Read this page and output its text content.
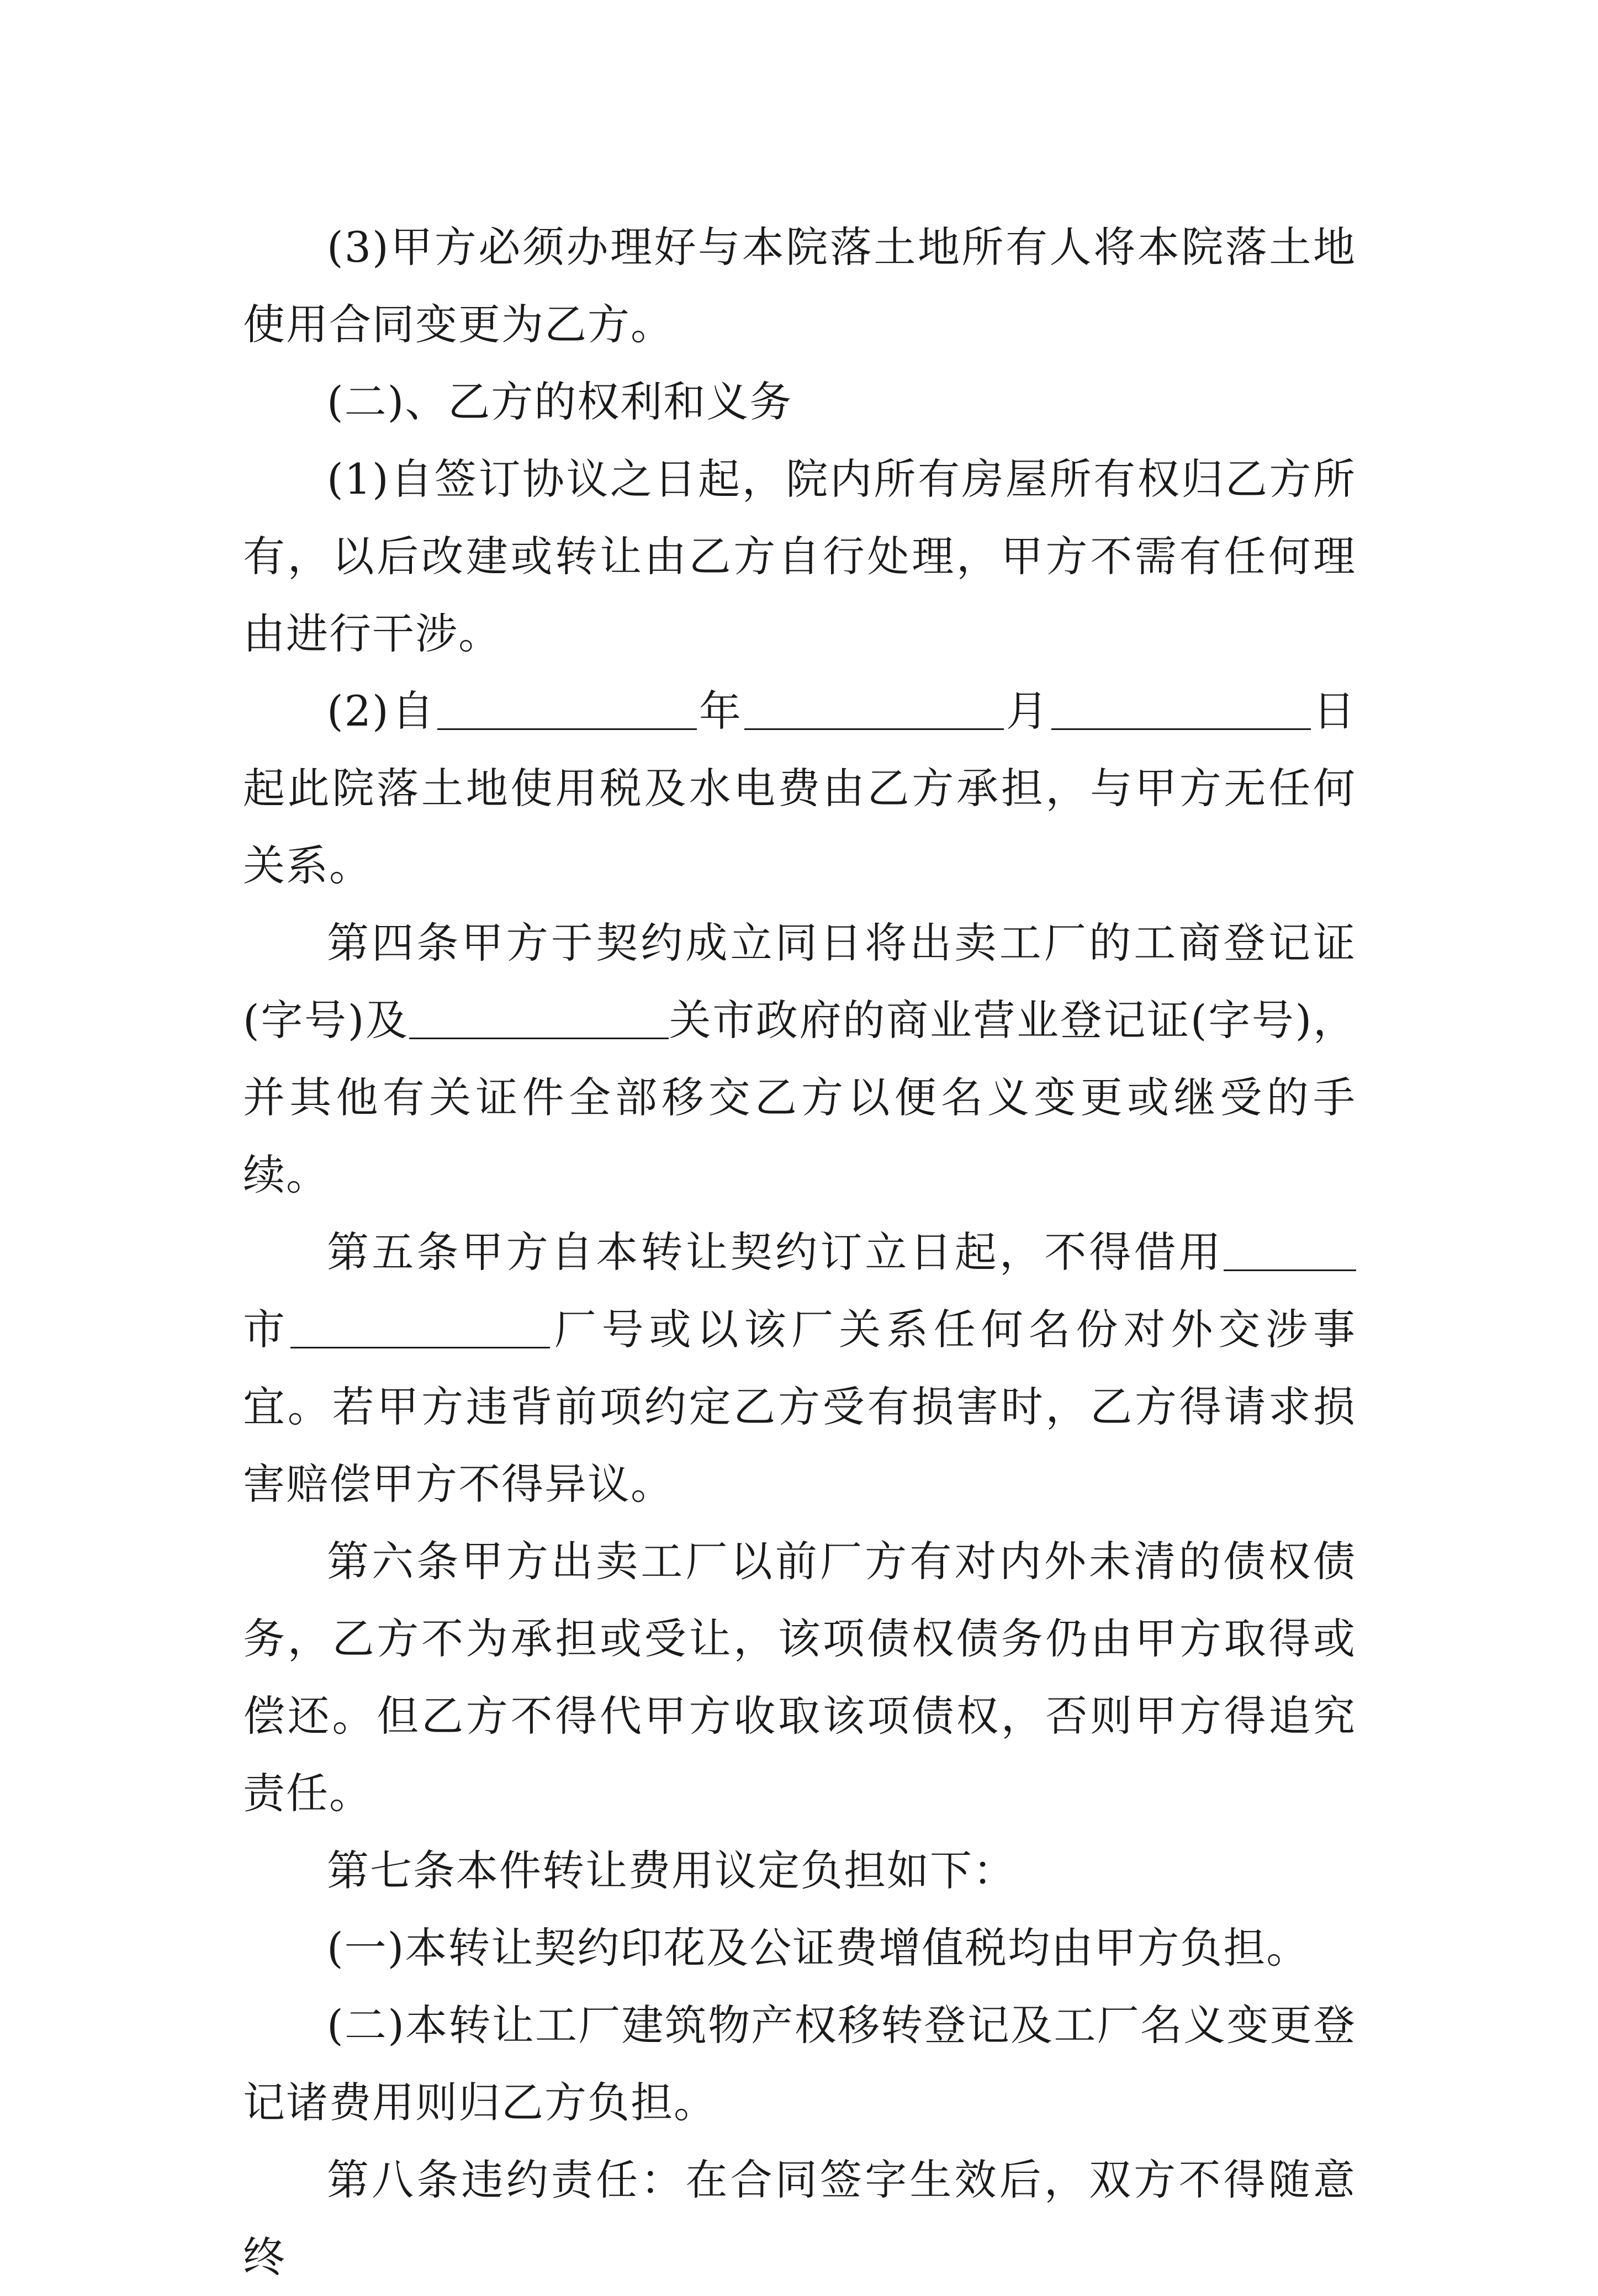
(3)甲方必须办理好与本院落土地所有人将本院落土地使用合同变更为乙方。

(二)、乙方的权利和义务

(1)自签订协议之日起，院内所有房屋所有权归乙方所有，以后改建或转让由乙方自行处理，甲方不需有任何理由进行干涉。

(2)自	年	月	日起此院落土地使用税及水电费由乙方承担，与甲方无任何关系。

第四条甲方于契约成立同日将出卖工厂的工商登记证(字号)及	关市政府的商业营业登记证(字号)，并其他有关证件全部移交乙方以便名义变更或继受的手续。

第五条甲方自本转让契约订立日起，不得借用市	厂号或以该厂关系任何名份对外交涉事宜。若甲方违背前项约定乙方受有损害时，乙方得请求损害赔偿甲方不得异议。

第六条甲方出卖工厂以前厂方有对内外未清的债权债务，乙方不为承担或受让，该项债权债务仍由甲方取得或偿还。但乙方不得代甲方收取该项债权，否则甲方得追究责任。

第七条本件转让费用议定负担如下：

(一)本转让契约印花及公证费增值税均由甲方负担。

(二)本转让工厂建筑物产权移转登记及工厂名义变更登记诸费用则归乙方负担。

第八条违约责任：在合同签字生效后，双方不得随意终
